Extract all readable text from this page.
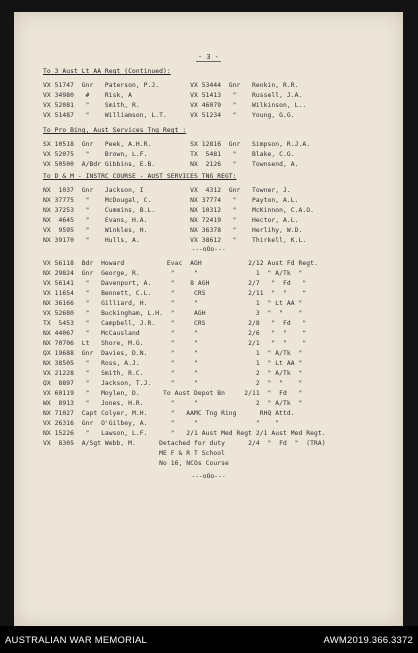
- 3 -
To 3 Aust Lt AA Regt (Continued):
VX 51747  Gnr   Paterson, P.J.        VX 53444  Gnr   Renkin, R.R.
VX 34980   #    Risk, A               VX 51413   "    Russell, J.A.
VX 52081   "    Smith, R.             VX 46079   "    Wilkinson, L..
VX 51487   "    Williamson, L.T.      VX 51234   "    Young, G.G.
To Pro Bing, Aust Services Tng Regt :
SX 10518  Gnr   Peek, A.H.R.          SX 12816  Gnr   Simpson, R.J.A.
VX 52075   "    Brown, L.F.           TX  5481   "    Blake, C.G.
VX 50500  A/Bdr Gibbins, E.B.         NX  2126   "    Townsend, A.
To D & M - INSTRC COURSE - AUST SERVICES TNG REGT:
NX  1037  Gnr   Jackson, I            VX  4312  Gnr   Towner, J.
NX 37775   "    McDougal, C.          NX 37774   "    Payton, A.L.
NX 37253   "    Cummins, B.L.         NX 10312   "    McKinnon, C.A.O.
NX  4645   "    Evans, H.A.           NX 72419   "    Hector, A.L.
VX  9595   "    Winkles, H.           NX 36378   "    Herlihy, W.D.
NX 39170   "    Hulls, A.             VX 38612   "    Thirkell, K.L.
---oOo---
VX 56118  Bdr  Howard           Evac  AGH            2/12 Aust Fd Regt.
NX 29824  Gnr  George, R.        "     "               1  " A/Tk  "
VX 56141   "   Davenport, A.     "    8 AGH          2/7   "  Fd   "
VX 11654   "   Bennett, C.L.     "     CRS           2/11  "  "    "
NX 36166   "   Gilliard, H.      "     "               1  " Lt AA "
VX 52680   "   Buckingham, L.H.  "     AGH             3  "  "    "
TX  5453   "   Campbell, J.R.    "     CRS           2/8   "  Fd   "
NX 44067   "   McCausland        "     "             2/6   "  "    "
NX 70706  Lt   Shore, M.G.       "     "             2/1   "  "    "
QX 19688  Gnr  Davies, D.N.      "     "               1  " A/Tk  "
NX 38505   "   Ross, A.J.        "     "               1  " Lt AA "
VX 21228   "   Smith, R.C.       "     "               2  " A/Tk  "
QX  8897   "   Jackson, T.J.     "     "               2  "  "    "
VX 60119   "   Moylen, D.      To Aust Depot Bn     2/11  "  Fd   "
WX  8913   "   Jones, H.R.       "     "               2  " A/Tk  "
NX 71027  Capt Colyer, M.H.      "   AAMC Tng Ring      RHQ Attd.
VX 26316  Gnr  O'Gilbey, A.      "     "               "    "
NX 15226   "   Lawson, L.F.      "   2/1 Aust Med Regt 2/1 Aust Med Regt.
VX  8305  A/Sgt Webb, M.      Detached for duty      2/4  "  Fd  "  (TRA)
ME F & R T School
No 16, NCOs Course
---oOo---
AUSTRALIAN WAR MEMORIAL	AWM2019.366.3372
